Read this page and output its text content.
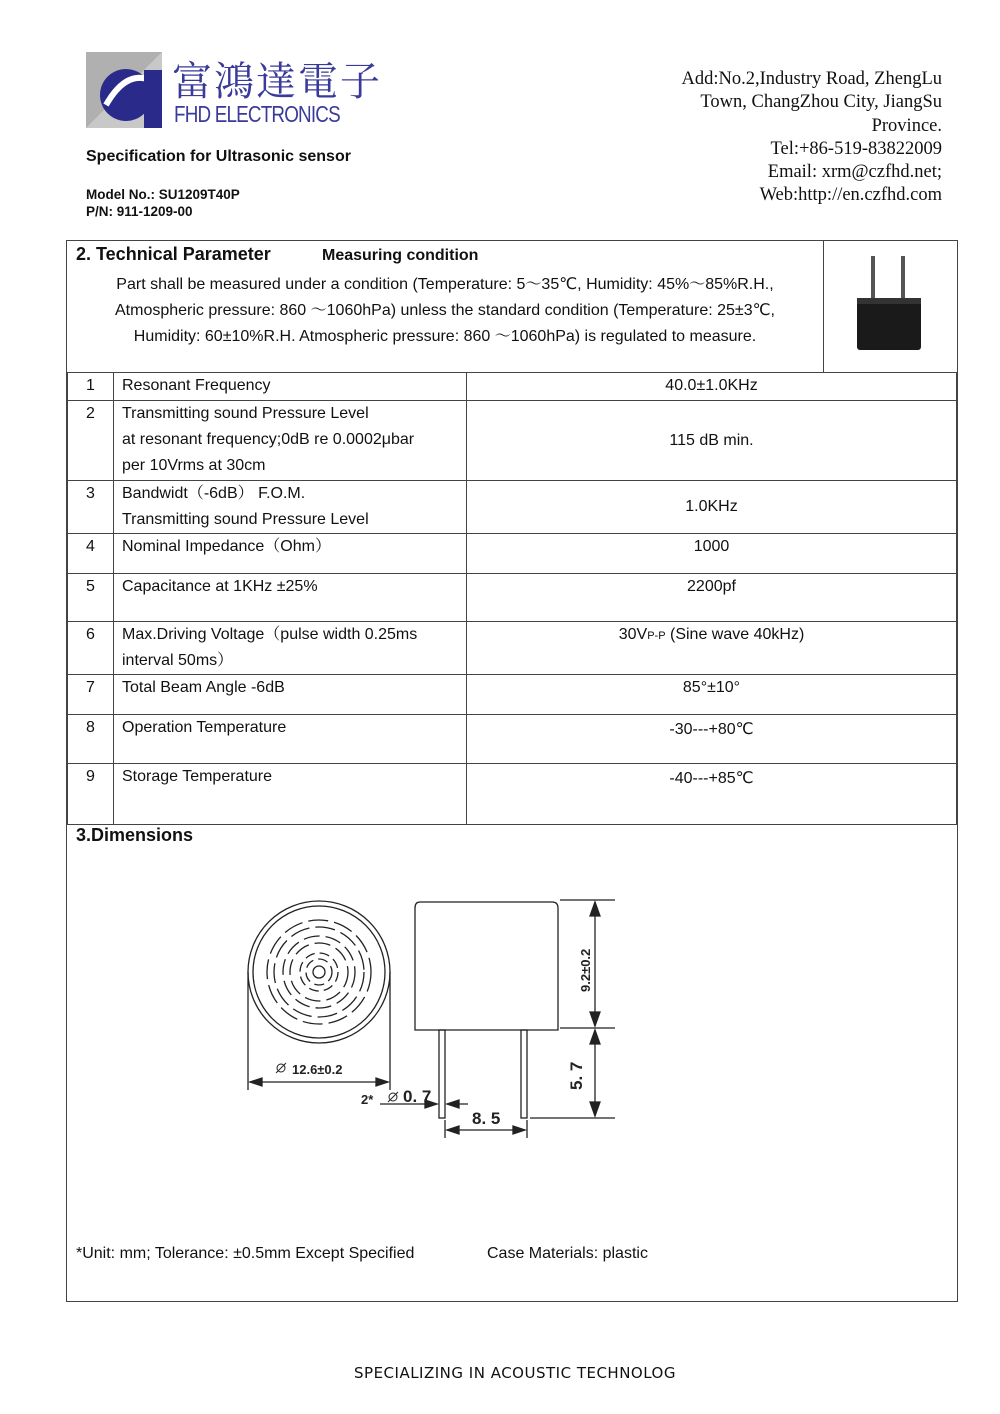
富鴻達電子
FHD ELECTRONICS
Specification for Ultrasonic sensor
Model No.: SU1209T40P
P/N: 911-1209-00
Add:No.2,Industry Road, ZhengLu
Town, ChangZhou City, JiangSu
Province.
Tel:+86-519-83822009
Email: xrm@czfhd.net;
Web:http://en.czfhd.com
2. Technical Parameter	Measuring condition
Part shall be measured under a condition (Temperature: 5～35℃, Humidity: 45%～85%R.H.,
Atmospheric pressure: 860 ～1060hPa) unless the standard condition (Temperature: 25±3℃,
Humidity: 60±10%R.H. Atmospheric pressure: 860 ～1060hPa) is regulated to measure.
1	Resonant Frequency	40.0±1.0KHz
2	Transmitting sound Pressure Level
at resonant frequency;0dB re 0.0002μbar
per 10Vrms at 30cm	115 dB min.
3	Bandwidt（-6dB） F.O.M.
Transmitting sound Pressure Level	1.0KHz
4	Nominal Impedance（Ohm）	1000
5	Capacitance at 1KHz ±25%	2200pf
6	Max.Driving Voltage（pulse width 0.25ms
interval 50ms）	30VP-P (Sine wave 40kHz)
7	Total Beam Angle -6dB	85°±10°
8	Operation Temperature	-30---+80℃
9	Storage Temperature	-40---+85℃
3.Dimensions
12.6±0.2
9.2±0.2
5. 7
2* 0. 7
8. 5
*Unit: mm; Tolerance: ±0.5mm Except Specified	Case Materials: plastic
SPECIALIZING IN ACOUSTIC TECHNOLOG
